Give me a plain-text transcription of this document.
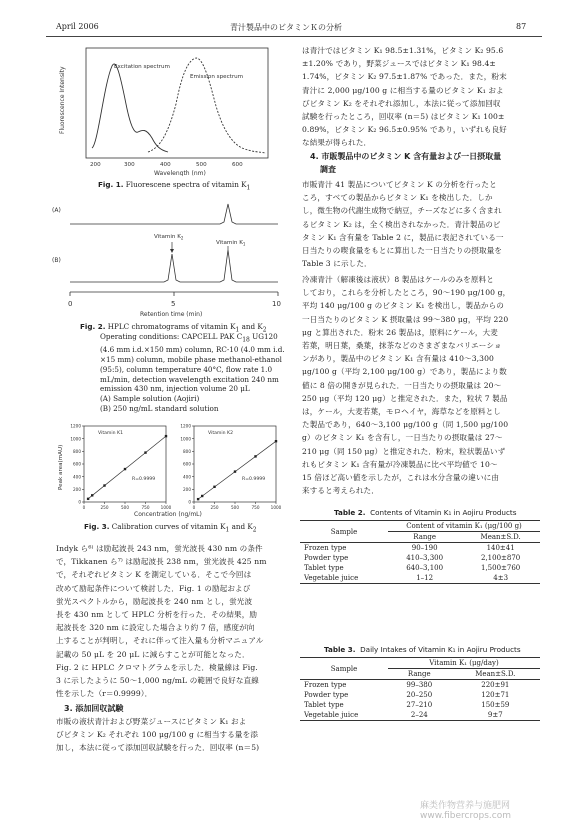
April 2006	青汁製品中のビタミンＫの分析	87
Fluorescence Intensity	Excitation spectrum
Emission spectrum
200	300	400	500	600
Wavelength (nm)
Fig. 1. Fluorescene spectra of vitamin $K_1$
(A)
(B)
Vitamin $K_2$
Vitamin $K_1$
0	5	10
Retention time (min)
Fig. 2. HPLC chromatograms of vitamin $K_1$ and $K_2$
Operating conditions: CAPCELL PAK $C_{18}$ UG120
(4.6 mm i.d.×150 mm) column, RC-10 (4.0 mm i.d.
×15 mm) column, mobile phase methanol-ethanol
(95:5), column temperature 40°C, flow rate 1.0
mL/min, detection wavelength excitation 240 nm
emission 430 nm, injection volume 20 μL
(A) Sample solution (Aojiri)
(B) 250 ng/mL standard solution
Peak area(mAU)
Concentration (ng/mL)
0
200
400
600
800
1000
1200
0	250	500	750	1000
Vitamin K1
R=0.9999
0
200
400
600
800
1000
1200
0	250	500	750	1000
Vitamin K2
R=0.9999
Fig. 3. Calibration curves of vitamin $K_1$ and $K_2$
Indyk ら⁶⁾ は励起波長 243 nm，蛍光波長 430 nm の条件
で，Tikkanen ら⁷⁾ は励起波長 238 nm，蛍光波長 425 nm
で，それぞれビタミン K を測定している．そこで今回は
改めて励起条件について検討した．Fig. 1 の励起および
蛍光スペクトルから，励起波長を 240 nm とし，蛍光波
長を 430 nm として HPLC 分析を行った．その結果，励
起波長を 320 nm に設定した場合より約 7 倍，感度が向
上することが判明し，それに伴って注入量も分析マニュアル
記載の 50 μL を 20 μL に減らすことが可能となった．
Fig. 2 に HPLC クロマトグラムを示した．検量線は Fig.
3 に示したように 50～1,000 ng/mL の範囲で良好な直線
性を示した（r＝0.9999）．
3. 添加回収試験
市販の液状青汁および野菜ジュースにビタミン K₁ およ
びビタミン K₂ それぞれ 100 μg/100 g に相当する量を添
加し，本法に従って添加回収試験を行った．回収率 (n＝5)
は青汁ではビタミン K₁ 98.5±1.31%，ビタミン K₂ 95.6
±1.20% であり，野菜ジュースではビタミン K₁ 98.4±
1.74%，ビタミン K₂ 97.5±1.87% であった．また，粉末
青汁に 2,000 μg/100 g に相当する量のビタミン K₁ およ
びビタミン K₂ をそれぞれ添加し，本法に従って添加回収
試験を行ったところ，回収率 (n＝5) はビタミン K₁ 100±
0.89%，ビタミン K₂ 96.5±0.95% であり，いずれも良好
な結果が得られた．
4. 市販製品中のビタミン K 含有量および一日摂取量
調査
市販青汁 41 製品についてビタミン K の分析を行ったと
ころ，すべての製品からビタミン K₁ を検出した．しか
し，微生物の代謝生成物で納豆，チーズなどに多く含まれ
るビタミン K₂ は，全く検出されなかった．青汁製品のビ
タミン K₁ 含有量を Table 2 に，製品に表記されている一
日当たりの喫食量をもとに算出した一日当たりの摂取量を
Table 3 に示した．
冷凍青汁（解凍後は液状）8 製品はケールのみを原料と
しており，これらを分析したところ，90～190 μg/100 g，
平均 140 μg/100 g のビタミン K₁ を検出し，製品からの
一日当たりのビタミン K 摂取量は 99～380 μg，平均 220
μg と算出された．粉末 26 製品は，原料にケール，大麦
若葉，明日葉，桑葉，抹茶などのさまざまなバリエーショ
ンがあり，製品中のビタミン K₁ 含有量は 410～3,300
μg/100 g（平均 2,100 μg/100 g）であり，製品により数
値に 8 倍の開きが見られた．一日当たりの摂取量は 20～
250 μg（平均 120 μg）と推定された．また，粒状 7 製品
は，ケール，大麦若葉，モロヘイヤ，海草などを原料とし
た製品であり，640～3,100 μg/100 g（同 1,500 μg/100
g）のビタミン K₁ を含有し，一日当たりの摂取量は 27～
210 μg（同 150 μg）と推定された．粉末，粒状製品いず
れもビタミン K₁ 含有量が冷凍製品に比べ平均値で 10～
15 倍ほど高い値を示したが，これは水分含量の違いに由
来すると考えられた．
Table 2. Contents of Vitamin K₁ in Aojiru Products
Sample	Content of vitamin K₁ (μg/100 g)	
	Range	Mean±S.D.
Frozen type	90–190	140±41
Powder type	410–3,300	2,100±870
Tablet type	640–3,100	1,500±760
Vegetable juice	1–12	4±3
Table 3. Daily Intakes of Vitamin K₁ in Aojiru Products
Sample	Vitamin K₁ (μg/day)	
	Range	Mean±S.D.
Frozen type	99–380	220±91
Powder type	20–250	120±71
Tablet type	27–210	150±59
Vegetable juice	2–24	9±7
麻类作物营养与施肥网 www.fibercrops.com
